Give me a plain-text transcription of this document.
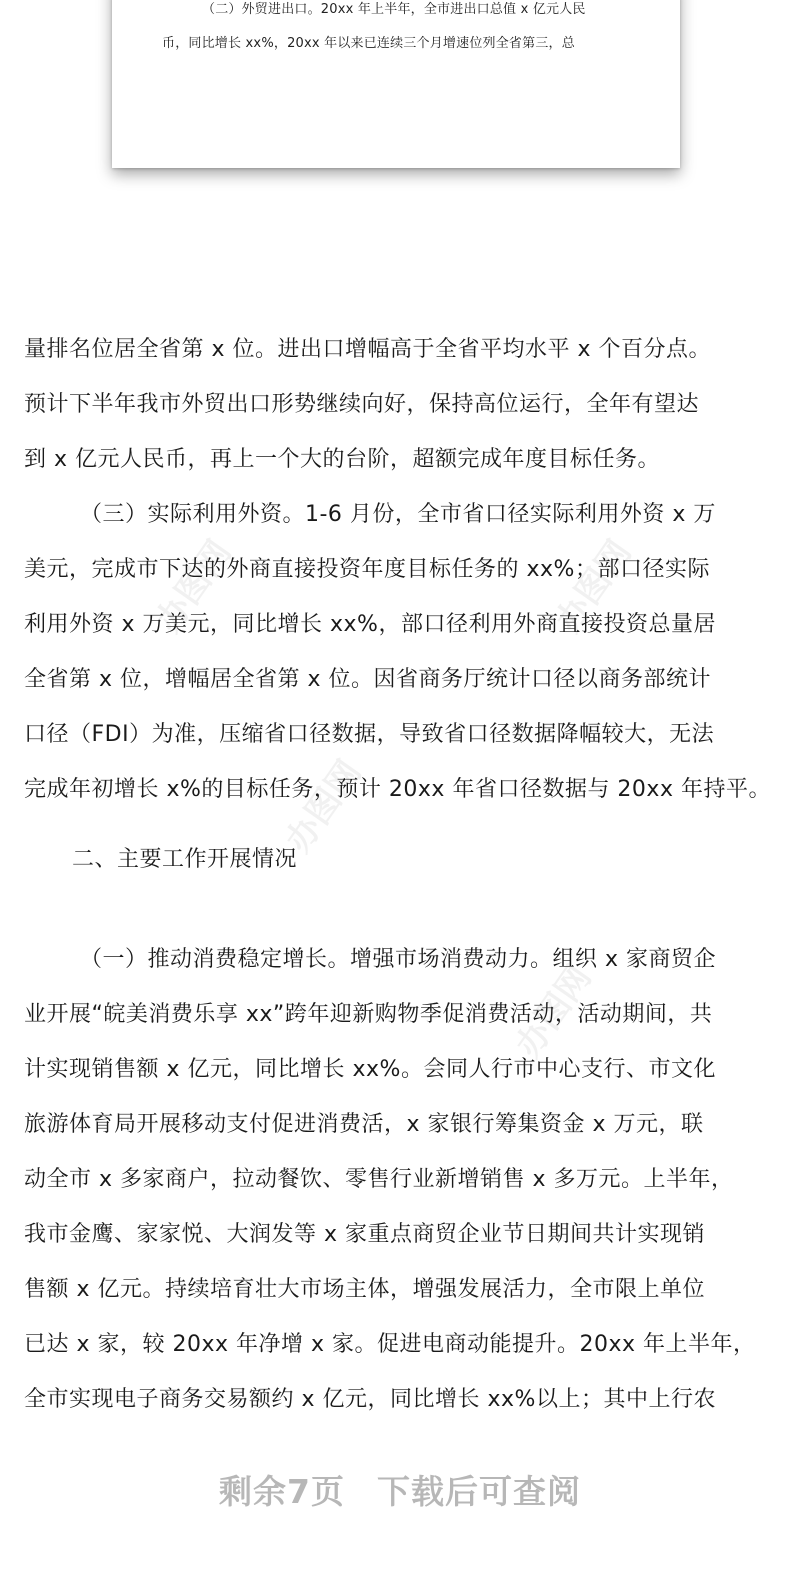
（二）外贸进出口。20xx 年上半年，全市进出口总值 x 亿元人民
币，同比增长 xx%，20xx 年以来已连续三个月增速位列全省第三，总
办图网
办图网
办图网
办图网
量排名位居全省第 x 位。进出口增幅高于全省平均水平 x 个百分点。
预计下半年我市外贸出口形势继续向好，保持高位运行，全年有望达
到 x 亿元人民币，再上一个大的台阶，超额完成年度目标任务。
（三）实际利用外资。1-6 月份，全市省口径实际利用外资 x 万
美元，完成市下达的外商直接投资年度目标任务的 xx%；部口径实际
利用外资 x 万美元，同比增长 xx%，部口径利用外商直接投资总量居
全省第 x 位，增幅居全省第 x 位。因省商务厅统计口径以商务部统计
口径（FDI）为准，压缩省口径数据，导致省口径数据降幅较大，无法
完成年初增长 x%的目标任务，预计 20xx 年省口径数据与 20xx 年持平。
二、主要工作开展情况
（一）推动消费稳定增长。增强市场消费动力。组织 x 家商贸企
业开展“皖美消费乐享 xx”跨年迎新购物季促消费活动，活动期间，共
计实现销售额 x 亿元，同比增长 xx%。会同人行市中心支行、市文化
旅游体育局开展移动支付促进消费活，x 家银行筹集资金 x 万元，联
动全市 x 多家商户，拉动餐饮、零售行业新增销售 x 多万元。上半年，
我市金鹰、家家悦、大润发等 x 家重点商贸企业节日期间共计实现销
售额 x 亿元。持续培育壮大市场主体，增强发展活力，全市限上单位
已达 x 家，较 20xx 年净增 x 家。促进电商动能提升。20xx 年上半年，
全市实现电子商务交易额约 x 亿元，同比增长 xx%以上；其中上行农
剩余7页 下载后可查阅
